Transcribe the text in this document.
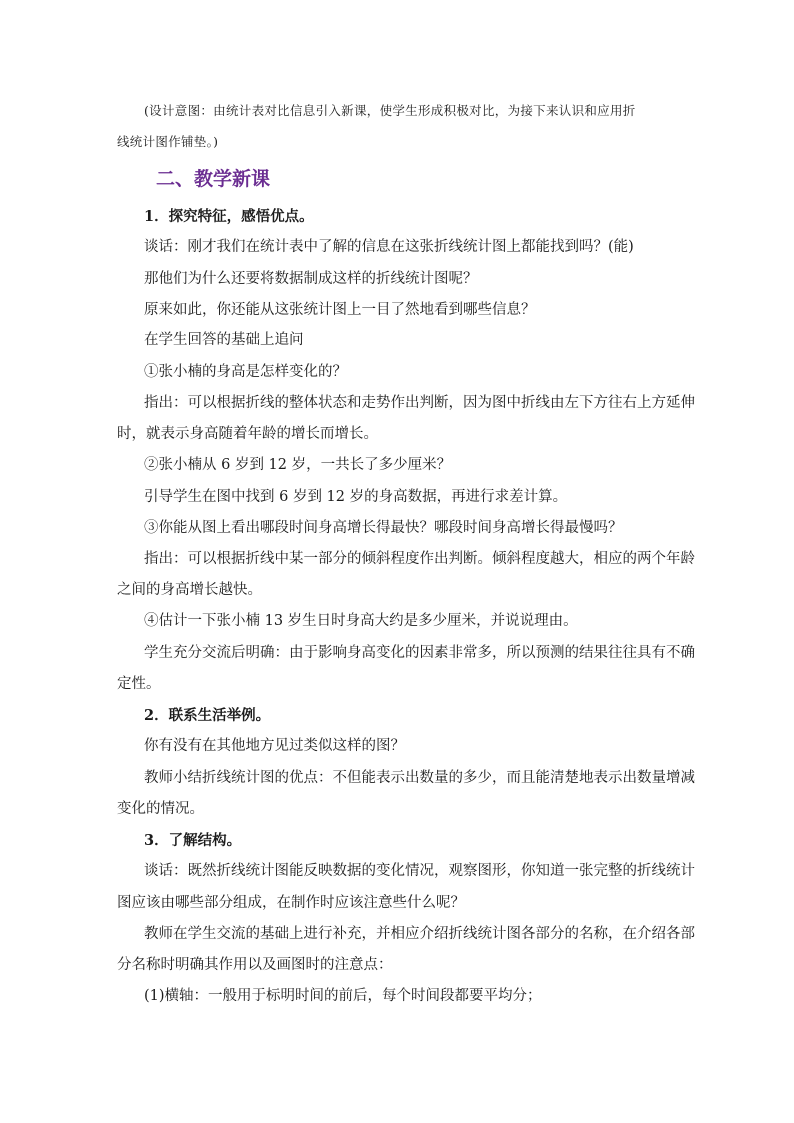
(设计意图：由统计表对比信息引入新课，使学生形成积极对比，为接下来认识和应用折
线统计图作铺垫。)
二、教学新课
1．探究特征，感悟优点。
谈话：刚才我们在统计表中了解的信息在这张折线统计图上都能找到吗？(能)
那他们为什么还要将数据制成这样的折线统计图呢？
原来如此，你还能从这张统计图上一目了然地看到哪些信息？
在学生回答的基础上追问
①张小楠的身高是怎样变化的？
指出：可以根据折线的整体状态和走势作出判断，因为图中折线由左下方往右上方延伸
时，就表示身高随着年龄的增长而增长。
②张小楠从 6 岁到 12 岁，一共长了多少厘米？
引导学生在图中找到 6 岁到 12 岁的身高数据，再进行求差计算。
③你能从图上看出哪段时间身高增长得最快？哪段时间身高增长得最慢吗？
指出：可以根据折线中某一部分的倾斜程度作出判断。倾斜程度越大，相应的两个年龄
之间的身高增长越快。
④估计一下张小楠 13 岁生日时身高大约是多少厘米，并说说理由。
学生充分交流后明确：由于影响身高变化的因素非常多，所以预测的结果往往具有不确
定性。
2．联系生活举例。
你有没有在其他地方见过类似这样的图？
教师小结折线统计图的优点：不但能表示出数量的多少，而且能清楚地表示出数量增减
变化的情况。
3．了解结构。
谈话：既然折线统计图能反映数据的变化情况，观察图形，你知道一张完整的折线统计
图应该由哪些部分组成，在制作时应该注意些什么呢？
教师在学生交流的基础上进行补充，并相应介绍折线统计图各部分的名称，在介绍各部
分名称时明确其作用以及画图时的注意点：
(1)横轴：一般用于标明时间的前后，每个时间段都要平均分；
